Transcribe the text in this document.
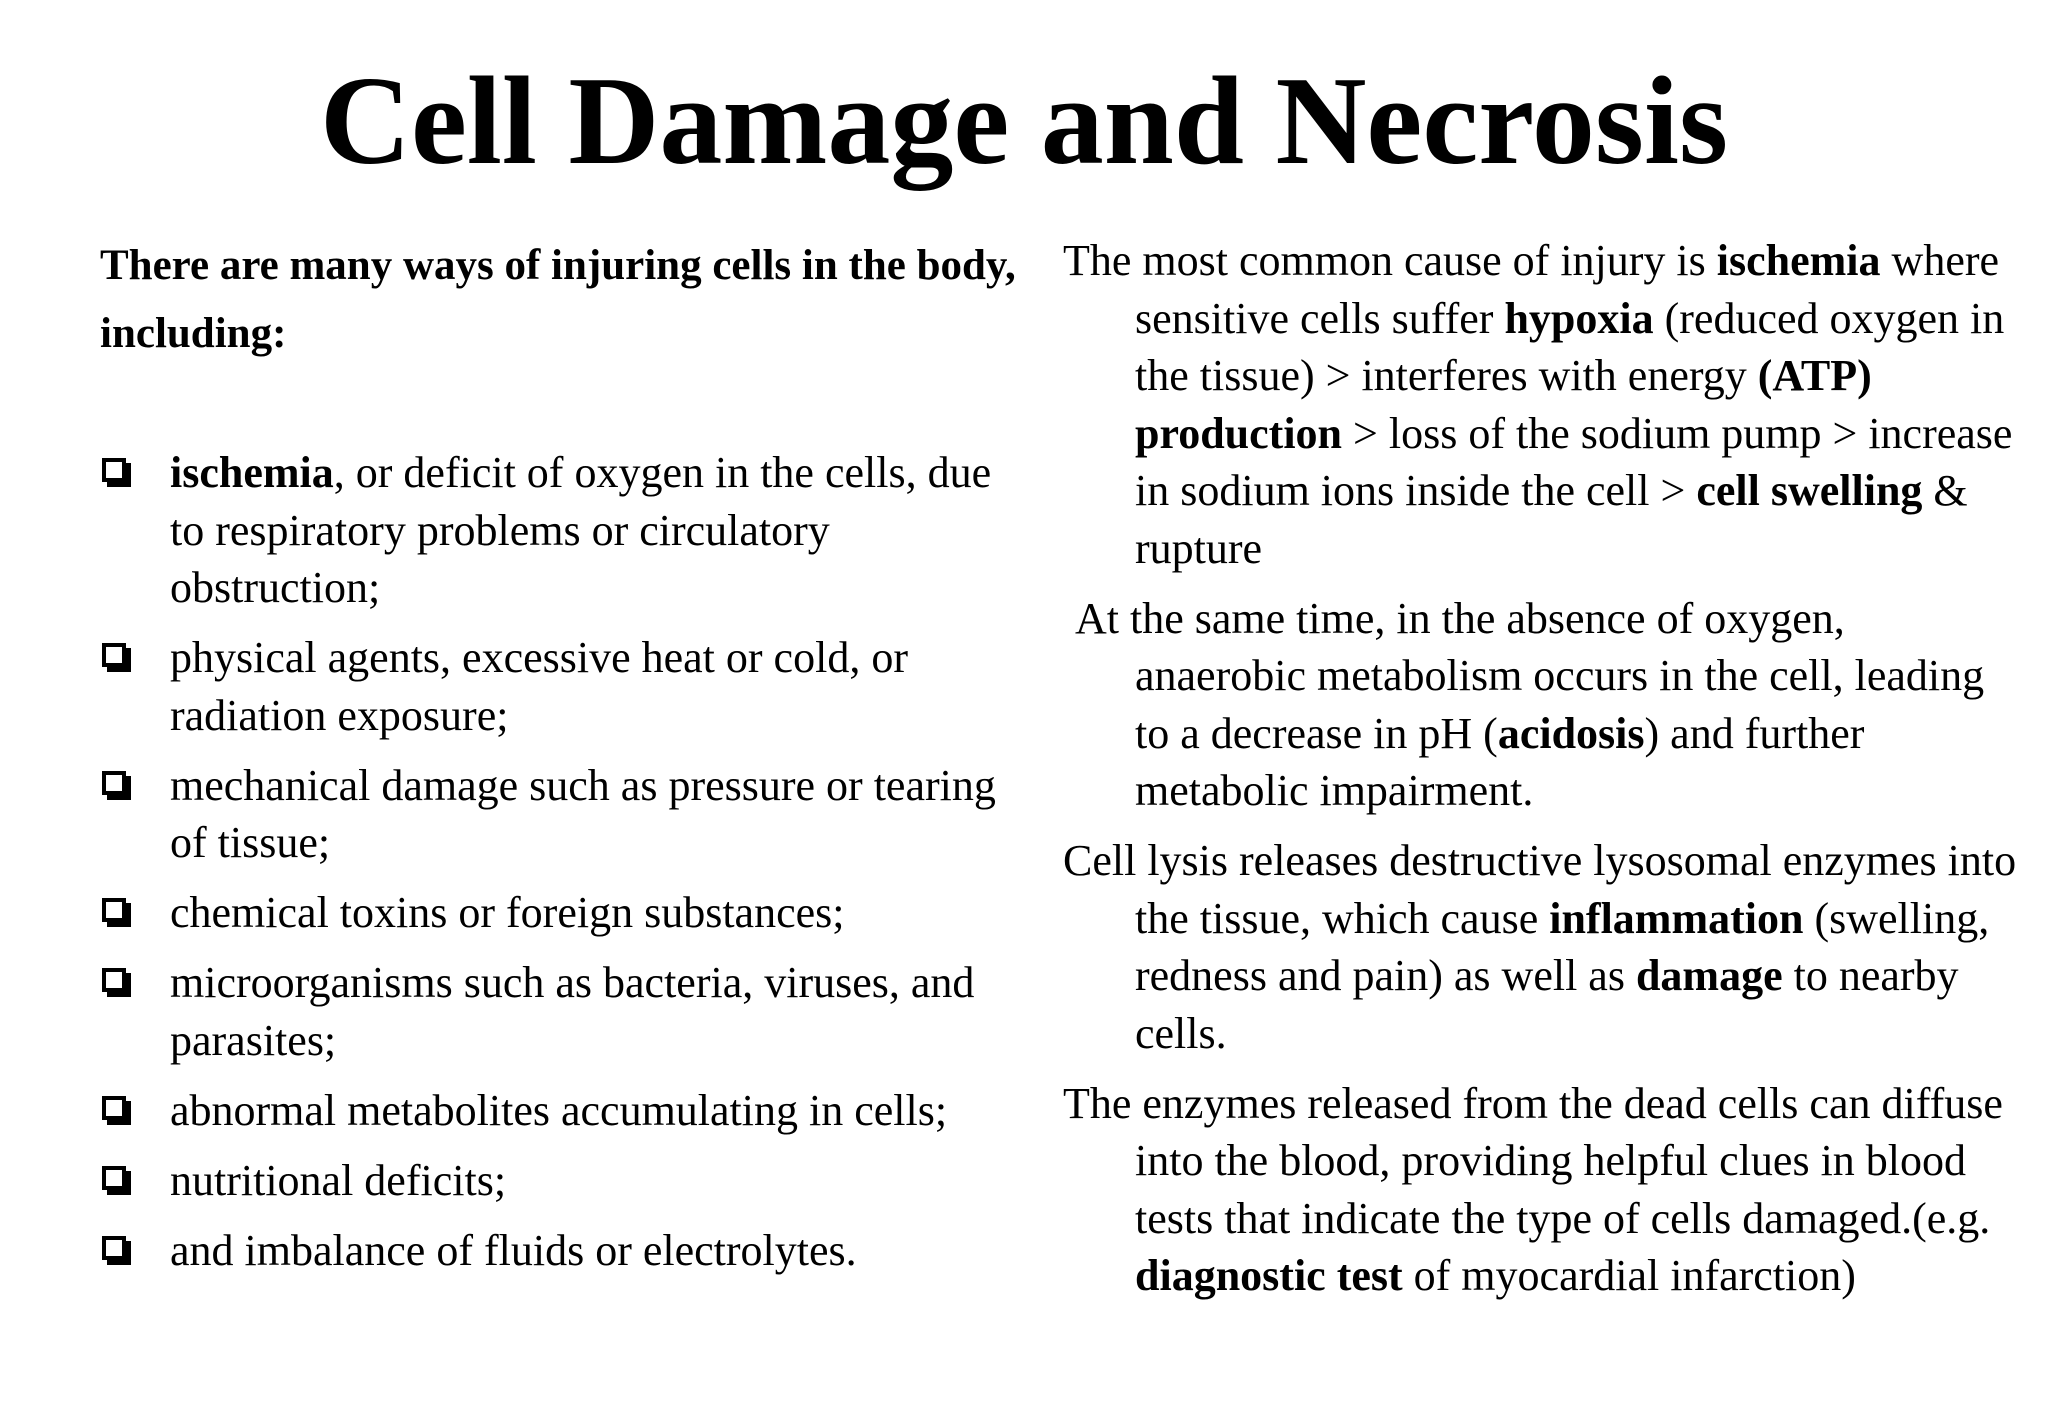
Cell Damage and Necrosis

There are many ways of injuring cells in the body, including:

ischemia, or deficit of oxygen in the cells, due to respiratory problems or circulatory obstruction;
physical agents, excessive heat or cold, or radiation exposure;
mechanical damage such as pressure or tearing of tissue;
chemical toxins or foreign substances;
microorganisms such as bacteria, viruses, and parasites;
abnormal metabolites accumulating in cells;
nutritional deficits;
and imbalance of fluids or electrolytes.

The most common cause of injury is ischemia where sensitive cells suffer hypoxia (reduced oxygen in the tissue) > interferes with energy (ATP) production > loss of the sodium pump > increase in sodium ions inside the cell > cell swelling & rupture

At the same time, in the absence of oxygen, anaerobic metabolism occurs in the cell, leading to a decrease in pH (acidosis) and further metabolic impairment.

Cell lysis releases destructive lysosomal enzymes into the tissue, which cause inflammation (swelling, redness and pain) as well as damage to nearby cells.

The enzymes released from the dead cells can diffuse into the blood, providing helpful clues in blood tests that indicate the type of cells damaged.(e.g. diagnostic test of myocardial infarction)
